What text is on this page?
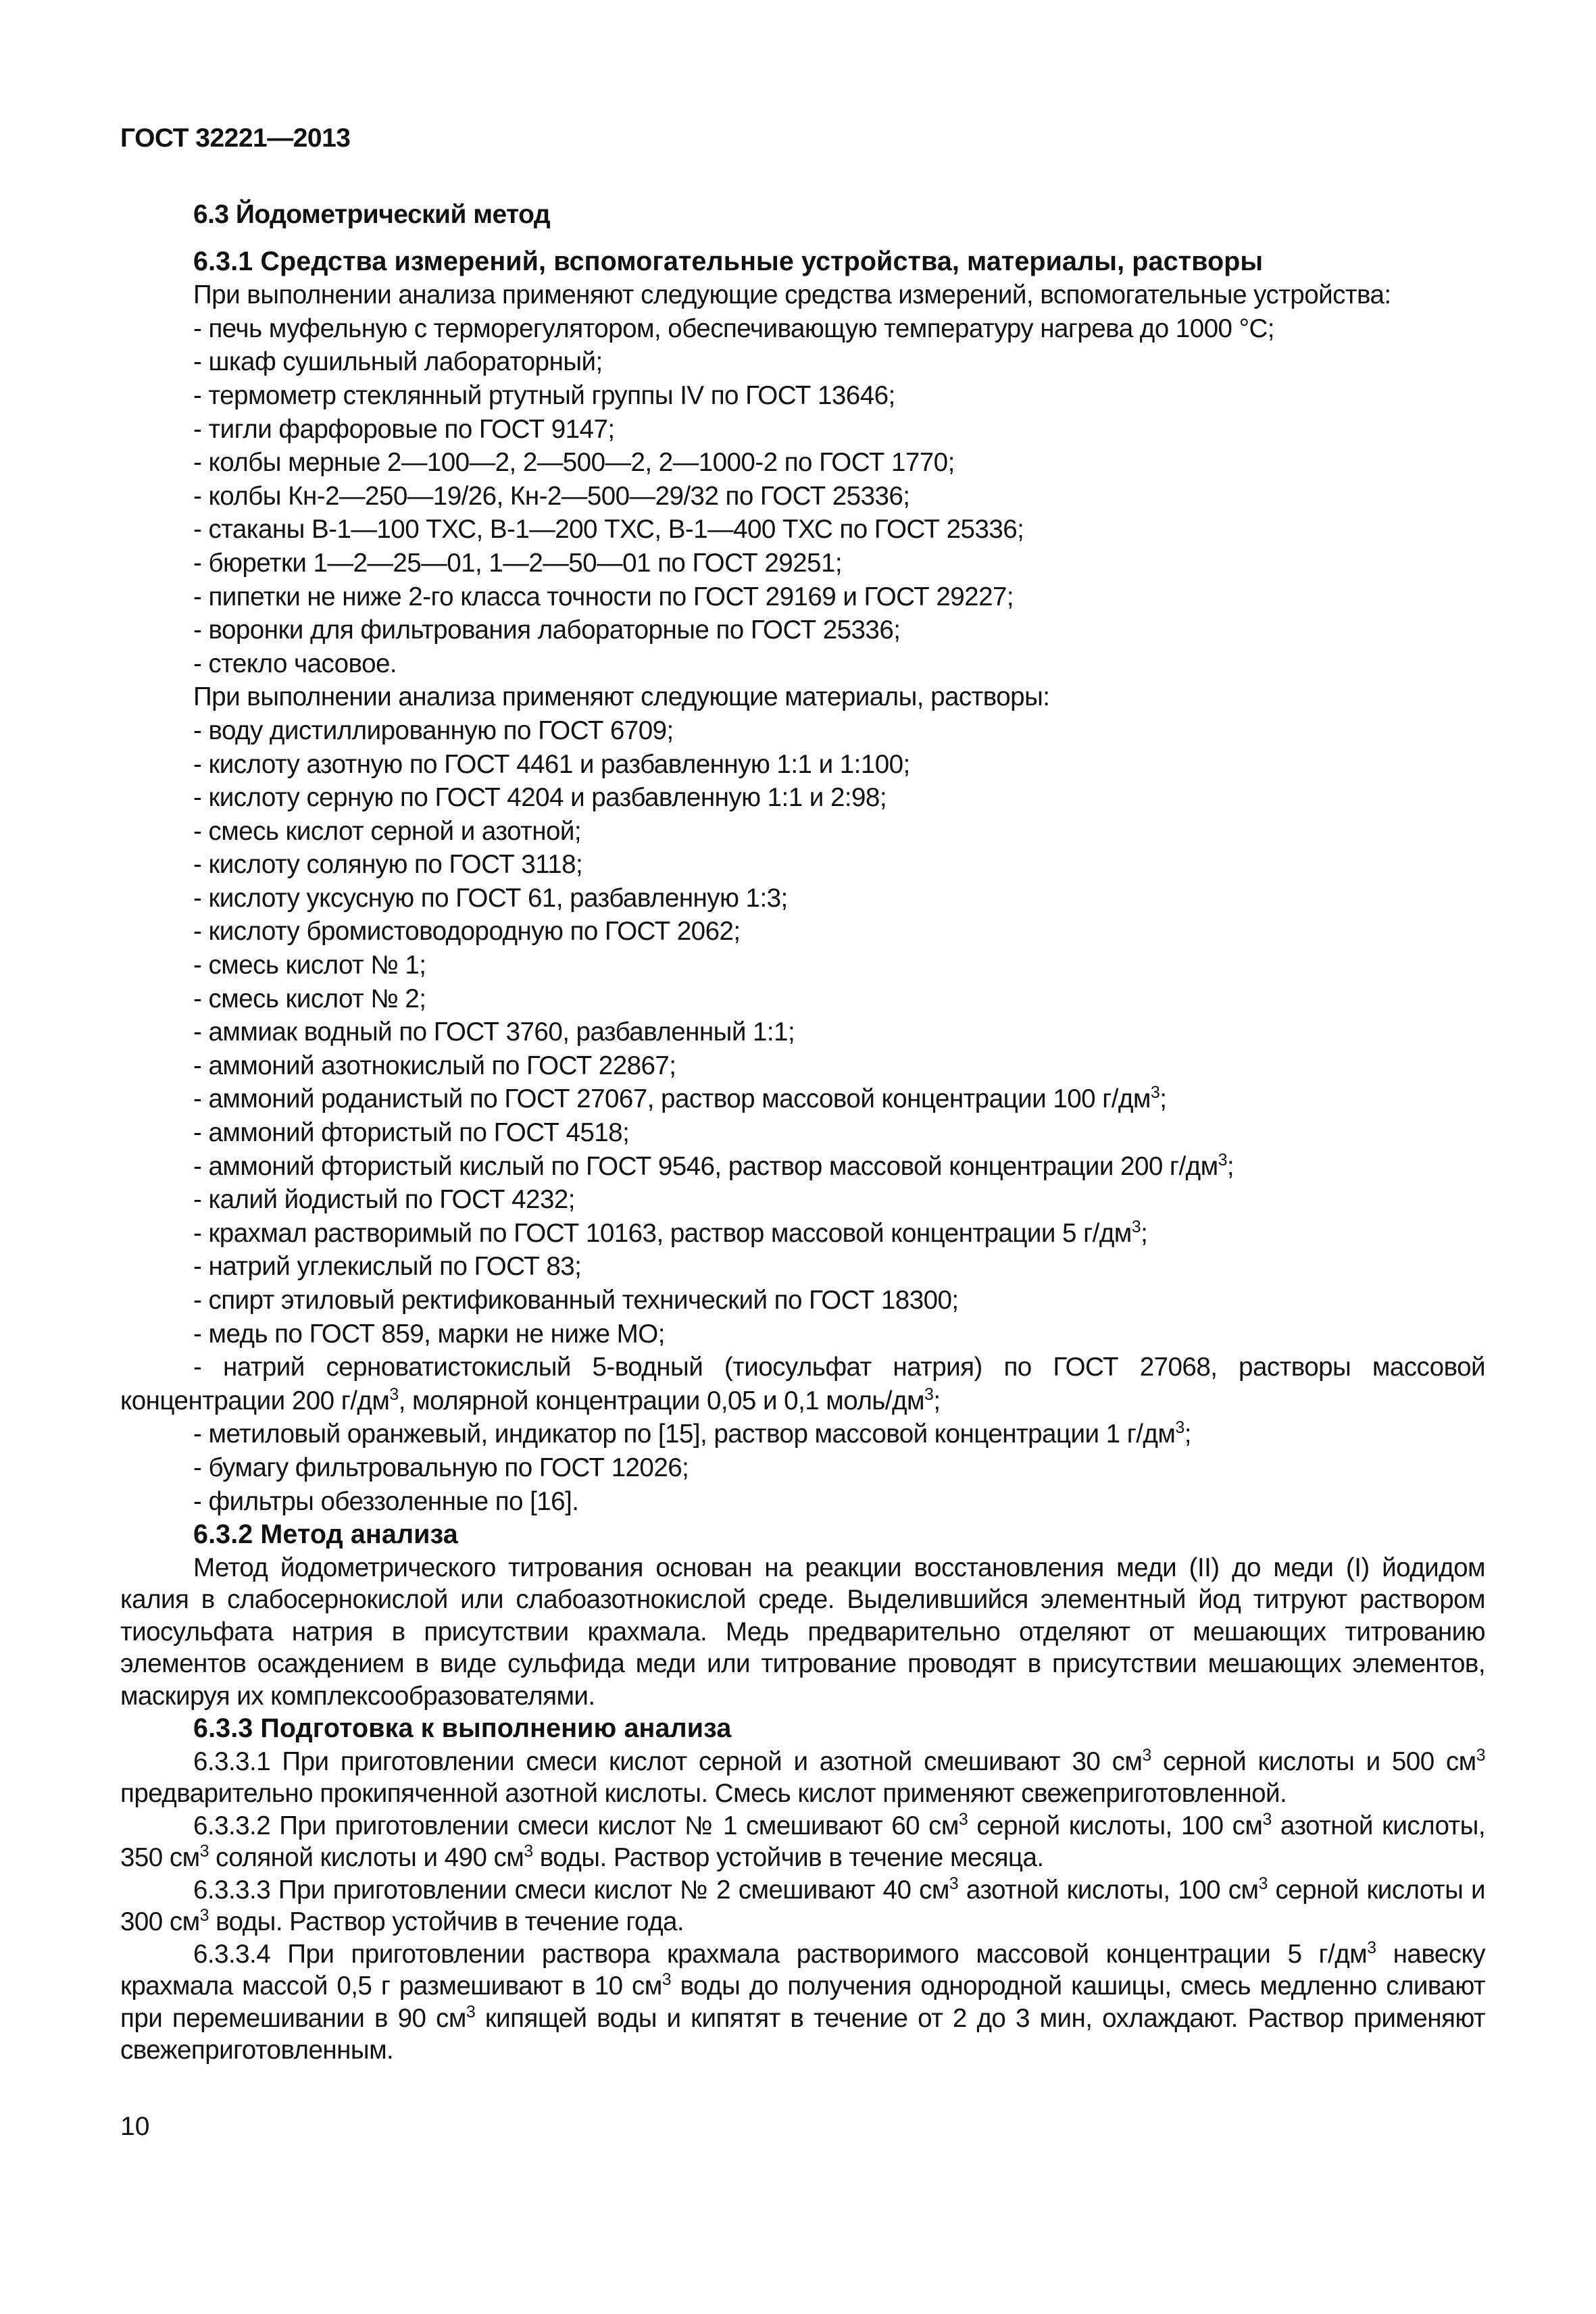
ГОСТ 32221—2013

6.3 Йодометрический метод

6.3.1 Средства измерений, вспомогательные устройства, материалы, растворы

При выполнении анализа применяют следующие средства измерений, вспомогательные устройства:

- печь муфельную с терморегулятором, обеспечивающую температуру нагрева до 1000 °С;

- шкаф сушильный лабораторный;

- термометр стеклянный ртутный группы IV по ГОСТ 13646;

- тигли фарфоровые по ГОСТ 9147;

- колбы мерные 2—100—2, 2—500—2, 2—1000-2 по ГОСТ 1770;

- колбы Кн-2—250—19/26, Кн-2—500—29/32 по ГОСТ 25336;

- стаканы В-1—100 ТХС, В-1—200 ТХС, В-1—400 ТХС по ГОСТ 25336;

- бюретки 1—2—25—01, 1—2—50—01 по ГОСТ 29251;

- пипетки не ниже 2-го класса точности по ГОСТ 29169 и ГОСТ 29227;

- воронки для фильтрования лабораторные по ГОСТ 25336;

- стекло часовое.

При выполнении анализа применяют следующие материалы, растворы:

- воду дистиллированную по ГОСТ 6709;

- кислоту азотную по ГОСТ 4461 и разбавленную 1:1 и 1:100;

- кислоту серную по ГОСТ 4204 и разбавленную 1:1 и 2:98;

- смесь кислот серной и азотной;

- кислоту соляную по ГОСТ 3118;

- кислоту уксусную по ГОСТ 61, разбавленную 1:3;

- кислоту бромистоводородную по ГОСТ 2062;

- смесь кислот № 1;

- смесь кислот № 2;

- аммиак водный по ГОСТ 3760, разбавленный 1:1;

- аммоний азотнокислый по ГОСТ 22867;

- аммоний роданистый по ГОСТ 27067, раствор массовой концентрации 100 $г/дм^3$;

- аммоний фтористый по ГОСТ 4518;

- аммоний фтористый кислый по ГОСТ 9546, раствор массовой концентрации 200 $г/дм^3$;

- калий йодистый по ГОСТ 4232;

- крахмал растворимый по ГОСТ 10163, раствор массовой концентрации 5 $г/дм^3$;

- натрий углекислый по ГОСТ 83;

- спирт этиловый ректификованный технический по ГОСТ 18300;

- медь по ГОСТ 859, марки не ниже МО;

- натрий серноватистокислый 5-водный (тиосульфат натрия) по ГОСТ 27068, растворы массовой концентрации 200 $г/дм^3$, молярной концентрации 0,05 и 0,1 моль/$дм^3$;

- метиловый оранжевый, индикатор по [15], раствор массовой концентрации 1 $г/дм^3$;

- бумагу фильтровальную по ГОСТ 12026;

- фильтры обеззоленные по [16].

6.3.2 Метод анализа

Метод йодометрического титрования основан на реакции восстановления меди (II) до меди (I) йодидом калия в слабосернокислой или слабоазотнокислой среде. Выделившийся элементный йод титруют раствором тиосульфата натрия в присутствии крахмала. Медь предварительно отделяют от мешающих титрованию элементов осаждением в виде сульфида меди или титрование проводят в присутствии мешающих элементов, маскируя их комплексообразователями.

6.3.3 Подготовка к выполнению анализа

6.3.3.1 При приготовлении смеси кислот серной и азотной смешивают 30 $см^3$ серной кислоты и 500 $см^3$ предварительно прокипяченной азотной кислоты. Смесь кислот применяют свежеприготовленной.

6.3.3.2 При приготовлении смеси кислот № 1 смешивают 60 $см^3$ серной кислоты, 100 $см^3$ азотной кислоты, 350 $см^3$ соляной кислоты и 490 $см^3$ воды. Раствор устойчив в течение месяца.

6.3.3.3 При приготовлении смеси кислот № 2 смешивают 40 $см^3$ азотной кислоты, 100 $см^3$ серной кислоты и 300 $см^3$ воды. Раствор устойчив в течение года.

6.3.3.4 При приготовлении раствора крахмала растворимого массовой концентрации 5 $г/дм^3$ навеску крахмала массой 0,5 г размешивают в 10 $см^3$ воды до получения однородной кашицы, смесь медленно сливают при перемешивании в 90 $см^3$ кипящей воды и кипятят в течение от 2 до 3 мин, охлаждают. Раствор применяют свежеприготовленным.

10
